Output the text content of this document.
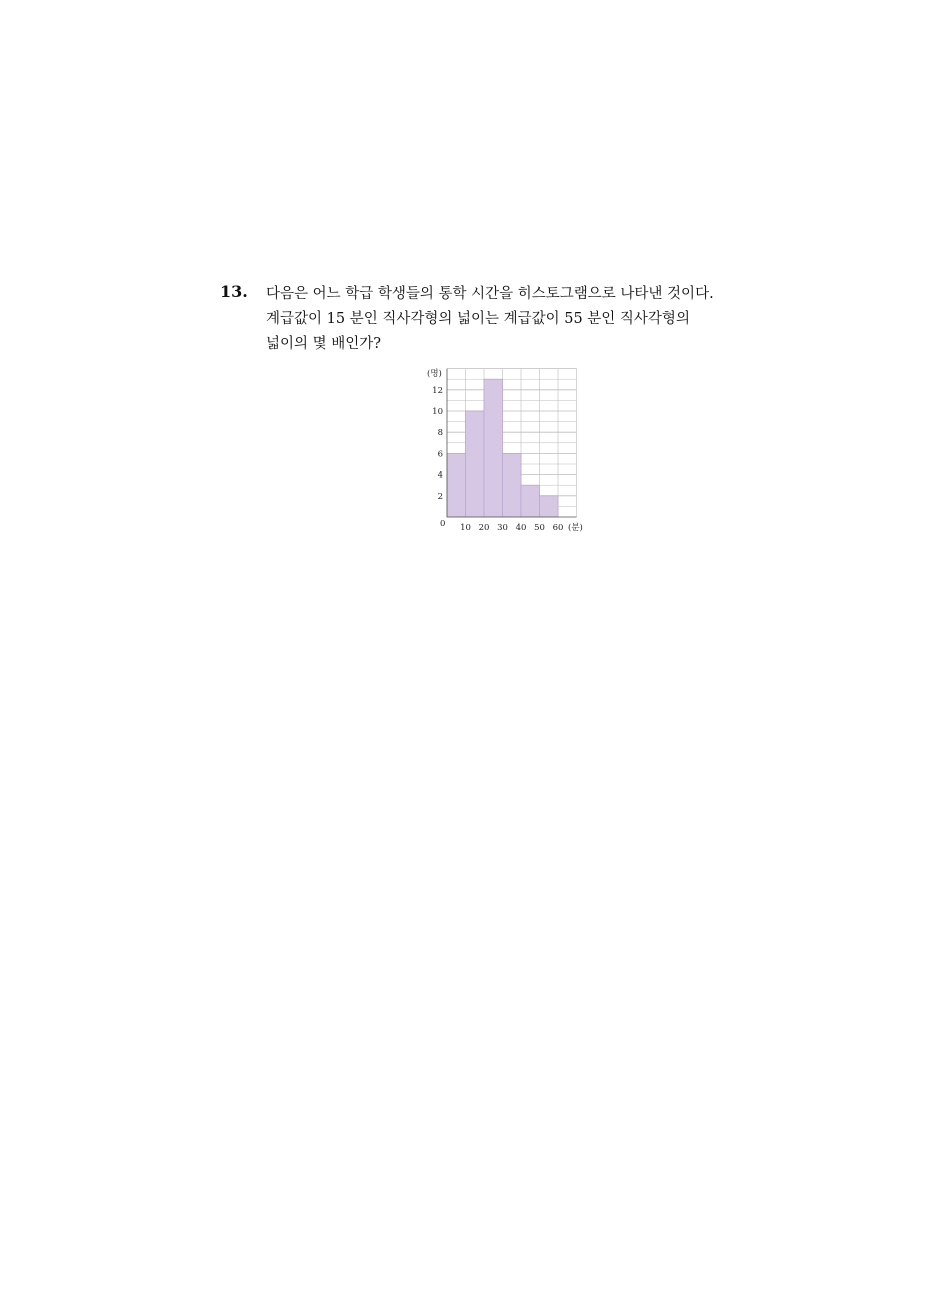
13. 다음은 어느 학급 학생들의 통학 시간을 히스토그램으로 나타낸 것이다.
계급값이 15 분인 직사각형의 넓이는 계급값이 55 분인 직사각형의
넓이의 몇 배인가?
(명)
0
2
4
6
8
10
12
10 20 30 40 50 60 (분)
